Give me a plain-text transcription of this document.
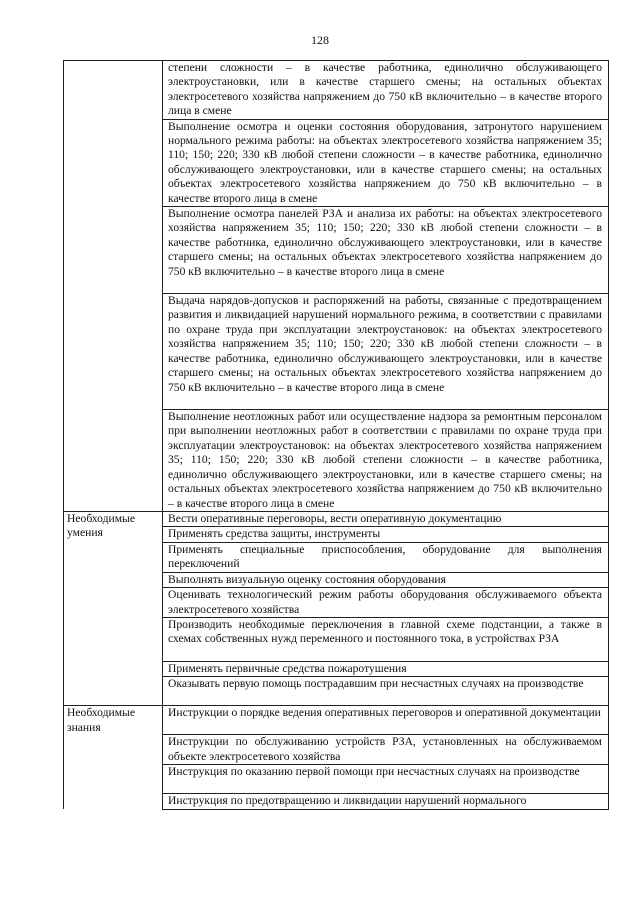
128
	степени сложности – в качестве работника, единолично обслуживающего электроустановки, или в качестве старшего смены; на остальных объектах электросетевого хозяйства напряжением до 750 кВ включительно – в качестве второго лица в смене
	Выполнение осмотра и оценки состояния оборудования, затронутого нарушением нормального режима работы: на объектах электросетевого хозяйства напряжением 35; 110; 150; 220; 330 кВ любой степени сложности – в качестве работника, единолично обслуживающего электроустановки, или в качестве старшего смены; на остальных объектах электросетевого хозяйства напряжением до 750 кВ включительно – в качестве второго лица в смене
	Выполнение осмотра панелей РЗА и анализа их работы: на объектах электросетевого хозяйства напряжением 35; 110; 150; 220; 330 кВ любой степени сложности – в качестве работника, единолично обслуживающего электроустановки, или в качестве старшего смены; на остальных объектах электросетевого хозяйства напряжением до 750 кВ включительно – в качестве второго лица в смене
	Выдача нарядов-допусков и распоряжений на работы, связанные с предотвращением развития и ликвидацией нарушений нормального режима, в соответствии с правилами по охране труда при эксплуатации электроустановок: на объектах электросетевого хозяйства напряжением 35; 110; 150; 220; 330 кВ любой степени сложности – в качестве работника, единолично обслуживающего электроустановки, или в качестве старшего смены; на остальных объектах электросетевого хозяйства напряжением до 750 кВ включительно – в качестве второго лица в смене
	Выполнение неотложных работ или осуществление надзора за ремонтным персоналом при выполнении неотложных работ в соответствии с правилами по охране труда при эксплуатации электроустановок: на объектах электросетевого хозяйства напряжением 35; 110; 150; 220; 330 кВ любой степени сложности – в качестве работника, единолично обслуживающего электроустановки, или в качестве старшего смены; на остальных объектах электросетевого хозяйства напряжением до 750 кВ включительно – в качестве второго лица в смене
Необходимые умения	Вести оперативные переговоры, вести оперативную документацию
	Применять средства защиты, инструменты
	Применять специальные приспособления, оборудование для выполнения переключений
	Выполнять визуальную оценку состояния оборудования
	Оценивать технологический режим работы оборудования обслуживаемого объекта электросетевого хозяйства
	Производить необходимые переключения в главной схеме подстанции, а также в схемах собственных нужд переменного и постоянного тока, в устройствах РЗА
	Применять первичные средства пожаротушения
	Оказывать первую помощь пострадавшим при несчастных случаях на производстве
Необходимые знания	Инструкции о порядке ведения оперативных переговоров и оперативной документации
	Инструкции по обслуживанию устройств РЗА, установленных на обслуживаемом объекте электросетевого хозяйства
	Инструкция по оказанию первой помощи при несчастных случаях на производстве
	Инструкция по предотвращению и ликвидации нарушений нормального
